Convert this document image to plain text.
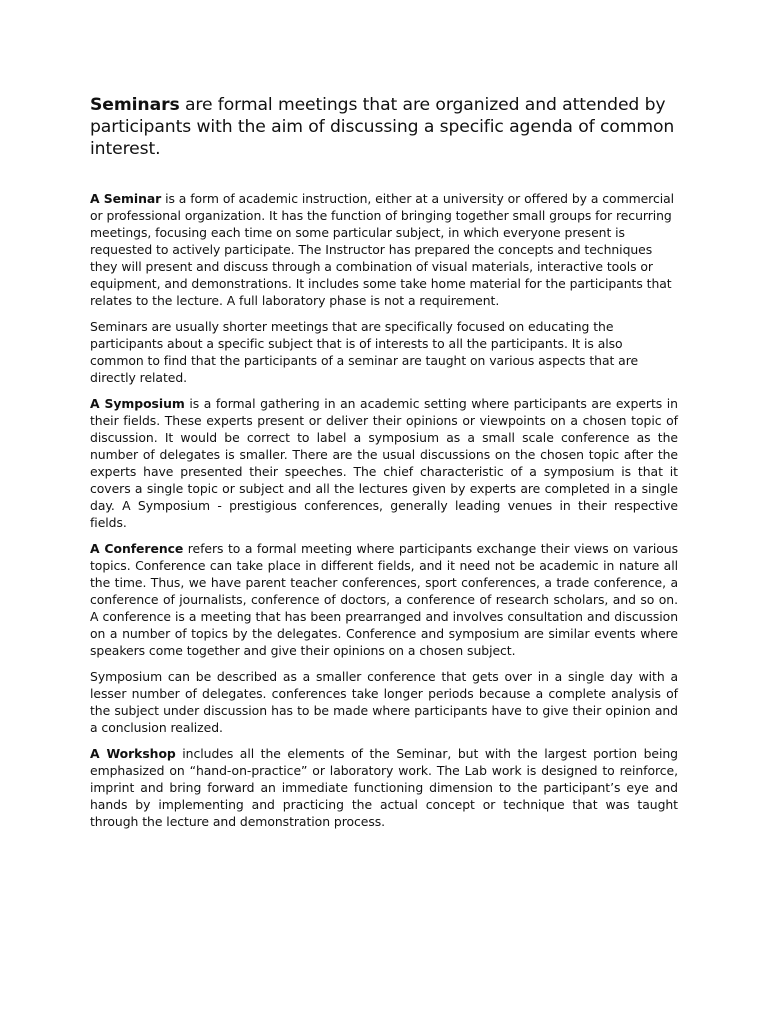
Seminars are formal meetings that are organized and attended by participants with the aim of discussing a specific agenda of common interest.

A Seminar is a form of academic instruction, either at a university or offered by a commercial or professional organization. It has the function of bringing together small groups for recurring meetings, focusing each time on some particular subject, in which everyone present is requested to actively participate. The Instructor has prepared the concepts and techniques they will present and discuss through a combination of visual materials, interactive tools or equipment, and demonstrations. It includes some take home material for the participants that relates to the lecture. A full laboratory phase is not a requirement.

Seminars are usually shorter meetings that are specifically focused on educating the participants about a specific subject that is of interests to all the participants. It is also common to find that the participants of a seminar are taught on various aspects that are directly related.

A Symposium is a formal gathering in an academic setting where participants are experts in their fields. These experts present or deliver their opinions or viewpoints on a chosen topic of discussion. It would be correct to label a symposium as a small scale conference as the number of delegates is smaller. There are the usual discussions on the chosen topic after the experts have presented their speeches. The chief characteristic of a symposium is that it covers a single topic or subject and all the lectures given by experts are completed in a single day. A Symposium - prestigious conferences, generally leading venues in their respective fields.

A Conference refers to a formal meeting where participants exchange their views on various topics. Conference can take place in different fields, and it need not be academic in nature all the time. Thus, we have parent teacher conferences, sport conferences, a trade conference, a conference of journalists, conference of doctors, a conference of research scholars, and so on. A conference is a meeting that has been prearranged and involves consultation and discussion on a number of topics by the delegates. Conference and symposium are similar events where speakers come together and give their opinions on a chosen subject.

Symposium can be described as a smaller conference that gets over in a single day with a lesser number of delegates. conferences take longer periods because a complete analysis of the subject under discussion has to be made where participants have to give their opinion and a conclusion realized.

A Workshop includes all the elements of the Seminar, but with the largest portion being emphasized on “hand-on-practice” or laboratory work. The Lab work is designed to reinforce, imprint and bring forward an immediate functioning dimension to the participant’s eye and hands by implementing and practicing the actual concept or technique that was taught through the lecture and demonstration process.
